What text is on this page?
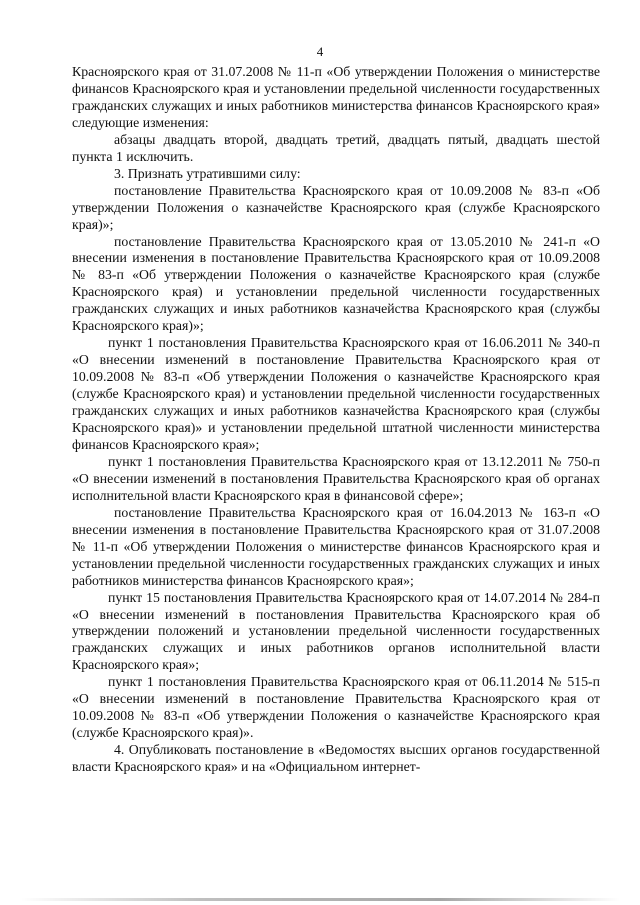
4

Красноярского края от 31.07.2008 № 11-п «Об утверждении Положения о министерстве финансов Красноярского края и установлении предельной численности государственных гражданских служащих и иных работников министерства финансов Красноярского края» следующие изменения:

абзацы двадцать второй, двадцать третий, двадцать пятый, двадцать шестой пункта 1 исключить.

3. Признать утратившими силу:

постановление Правительства Красноярского края от 10.09.2008 № 83-п «Об утверждении Положения о казначействе Красноярского края (службе Красноярского края)»;

постановление Правительства Красноярского края от 13.05.2010 № 241-п «О внесении изменения в постановление Правительства Красноярского края от 10.09.2008 № 83-п «Об утверждении Положения о казначействе Красноярского края (службе Красноярского края) и установлении предельной численности государственных гражданских служащих и иных работников казначейства Красноярского края (службы Красноярского края)»;

пункт 1 постановления Правительства Красноярского края от 16.06.2011 № 340-п «О внесении изменений в постановление Правительства Красноярского края от 10.09.2008 № 83-п «Об утверждении Положения о казначействе Красноярского края (службе Красноярского края) и установлении предельной численности государственных гражданских служащих и иных работников казначейства Красноярского края (службы Красноярского края)» и установлении предельной штатной численности министерства финансов Красноярского края»;

пункт 1 постановления Правительства Красноярского края от 13.12.2011 № 750-п «О внесении изменений в постановления Правительства Красноярского края об органах исполнительной власти Красноярского края в финансовой сфере»;

постановление Правительства Красноярского края от 16.04.2013 № 163-п «О внесении изменения в постановление Правительства Красноярского края от 31.07.2008 № 11-п «Об утверждении Положения о министерстве финансов Красноярского края и установлении предельной численности государственных гражданских служащих и иных работников министерства финансов Красноярского края»;

пункт 15 постановления Правительства Красноярского края от 14.07.2014 № 284-п «О внесении изменений в постановления Правительства Красноярского края об утверждении положений и установлении предельной численности государственных гражданских служащих и иных работников органов исполнительной власти Красноярского края»;

пункт 1 постановления Правительства Красноярского края от 06.11.2014 № 515-п «О внесении изменений в постановление Правительства Красноярского края от 10.09.2008 № 83-п «Об утверждении Положения о казначействе Красноярского края (службе Красноярского края)».

4. Опубликовать постановление в «Ведомостях высших органов государственной власти Красноярского края» и на «Официальном интернет-
